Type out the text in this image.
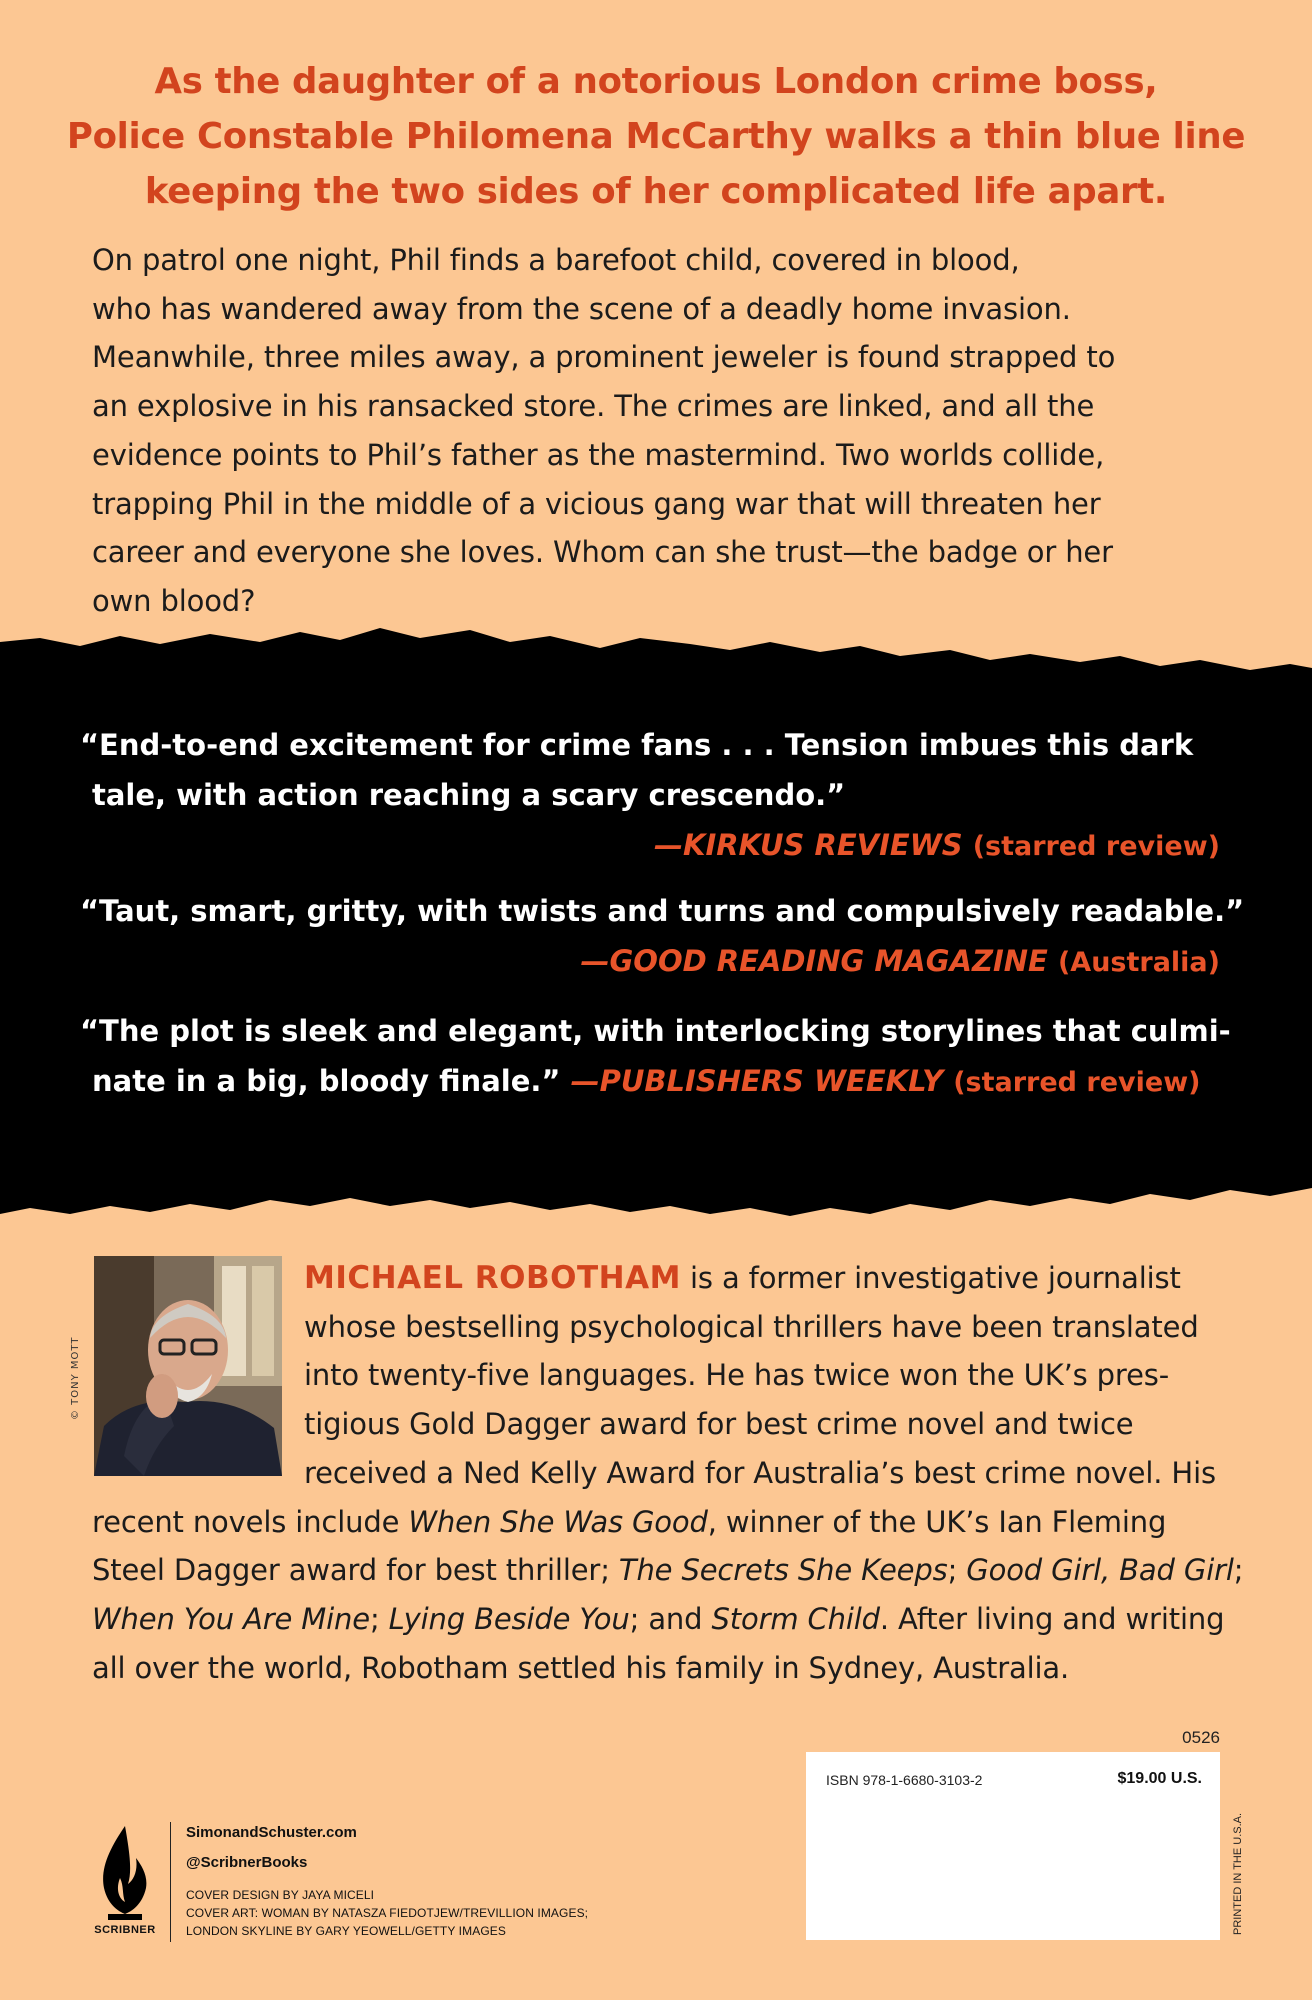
As the daughter of a notorious London crime boss,
Police Constable Philomena McCarthy walks a thin blue line
keeping the two sides of her complicated life apart.
On patrol one night, Phil finds a barefoot child, covered in blood,
who has wandered away from the scene of a deadly home invasion.
Meanwhile, three miles away, a prominent jeweler is found strapped to
an explosive in his ransacked store. The crimes are linked, and all the
evidence points to Phil’s father as the mastermind. Two worlds collide,
trapping Phil in the middle of a vicious gang war that will threaten her
career and everyone she loves. Whom can she trust—the badge or her
own blood?
“End-to-end excitement for crime fans . . . Tension imbues this dark
tale, with action reaching a scary crescendo.”
—KIRKUS REVIEWS (starred review)
“Taut, smart, gritty, with twists and turns and compulsively readable.”
—GOOD READING MAGAZINE (Australia)
“The plot is sleek and elegant, with interlocking storylines that culmi-
nate in a big, bloody finale.” —PUBLISHERS WEEKLY (starred review)
© TONY MOTT
MICHAEL ROBOTHAM is a former investigative journalist
whose bestselling psychological thrillers have been translated
into twenty-five languages. He has twice won the UK’s pres-
tigious Gold Dagger award for best crime novel and twice
received a Ned Kelly Award for Australia’s best crime novel. His
recent novels include When She Was Good, winner of the UK’s Ian Fleming
Steel Dagger award for best thriller; The Secrets She Keeps; Good Girl, Bad Girl;
When You Are Mine; Lying Beside You; and Storm Child. After living and writing
all over the world, Robotham settled his family in Sydney, Australia.
0526
ISBN 978-1-6680-3103-2	$19.00 U.S.
PRINTED IN THE U.S.A.
SCRIBNER
SimonandSchuster.com
@ScribnerBooks
COVER DESIGN BY JAYA MICELI
COVER ART: WOMAN BY NATASZA FIEDOTJEW/TREVILLION IMAGES;
LONDON SKYLINE BY GARY YEOWELL/GETTY IMAGES
